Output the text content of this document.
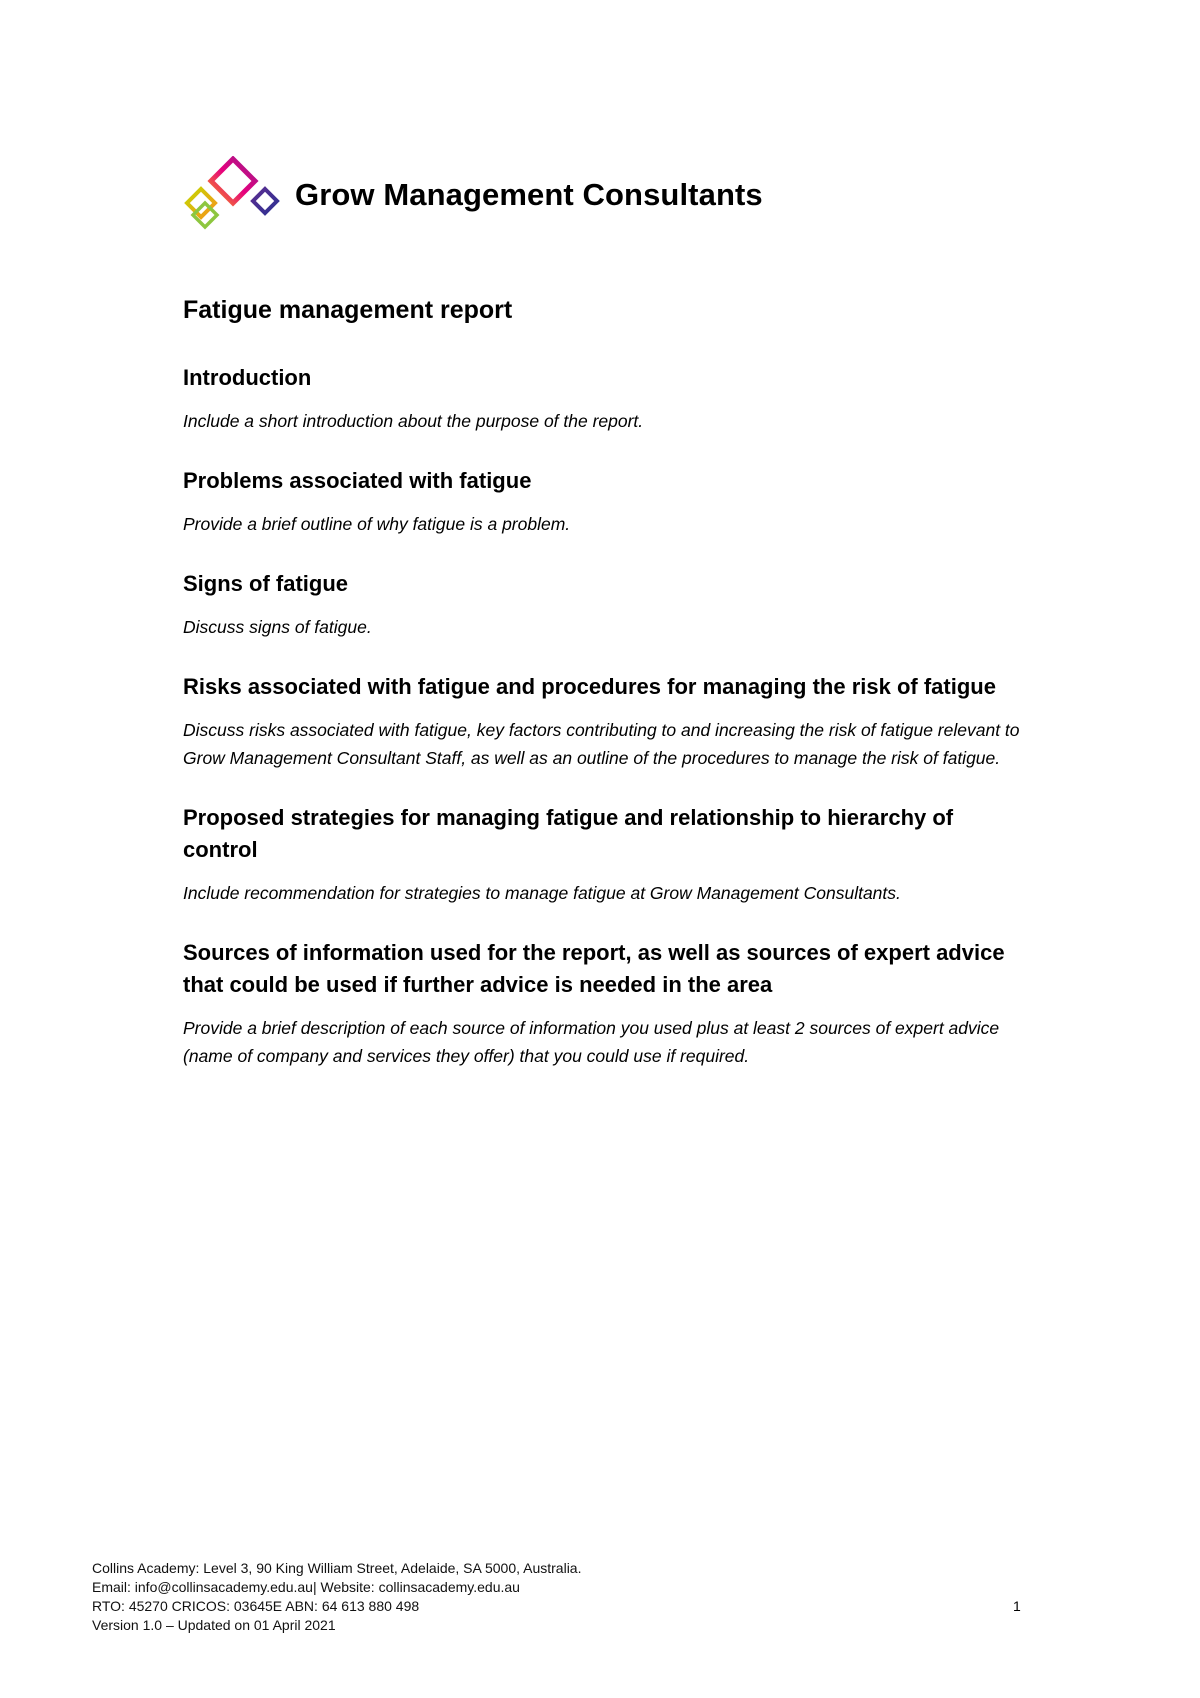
Grow Management Consultants
Fatigue management report
Introduction

Include a short introduction about the purpose of the report.

Problems associated with fatigue

Provide a brief outline of why fatigue is a problem.

Signs of fatigue

Discuss signs of fatigue.

Risks associated with fatigue and procedures for managing the risk of fatigue

Discuss risks associated with fatigue, key factors contributing to and increasing the risk of fatigue relevant to Grow Management Consultant Staff, as well as an outline of the procedures to manage the risk of fatigue.

Proposed strategies for managing fatigue and relationship to hierarchy of control

Include recommendation for strategies to manage fatigue at Grow Management Consultants.

Sources of information used for the report, as well as sources of expert advice that could be used if further advice is needed in the area

Provide a brief description of each source of information you used plus at least 2 sources of expert advice (name of company and services they offer) that you could use if required.

Collins Academy: Level 3, 90 King William Street, Adelaide, SA 5000, Australia.
Email: info@collinsacademy.edu.au| Website: collinsacademy.edu.au
RTO: 45270 CRICOS: 03645E ABN: 64 613 880 498
Version 1.0 – Updated on 01 April 2021
1
